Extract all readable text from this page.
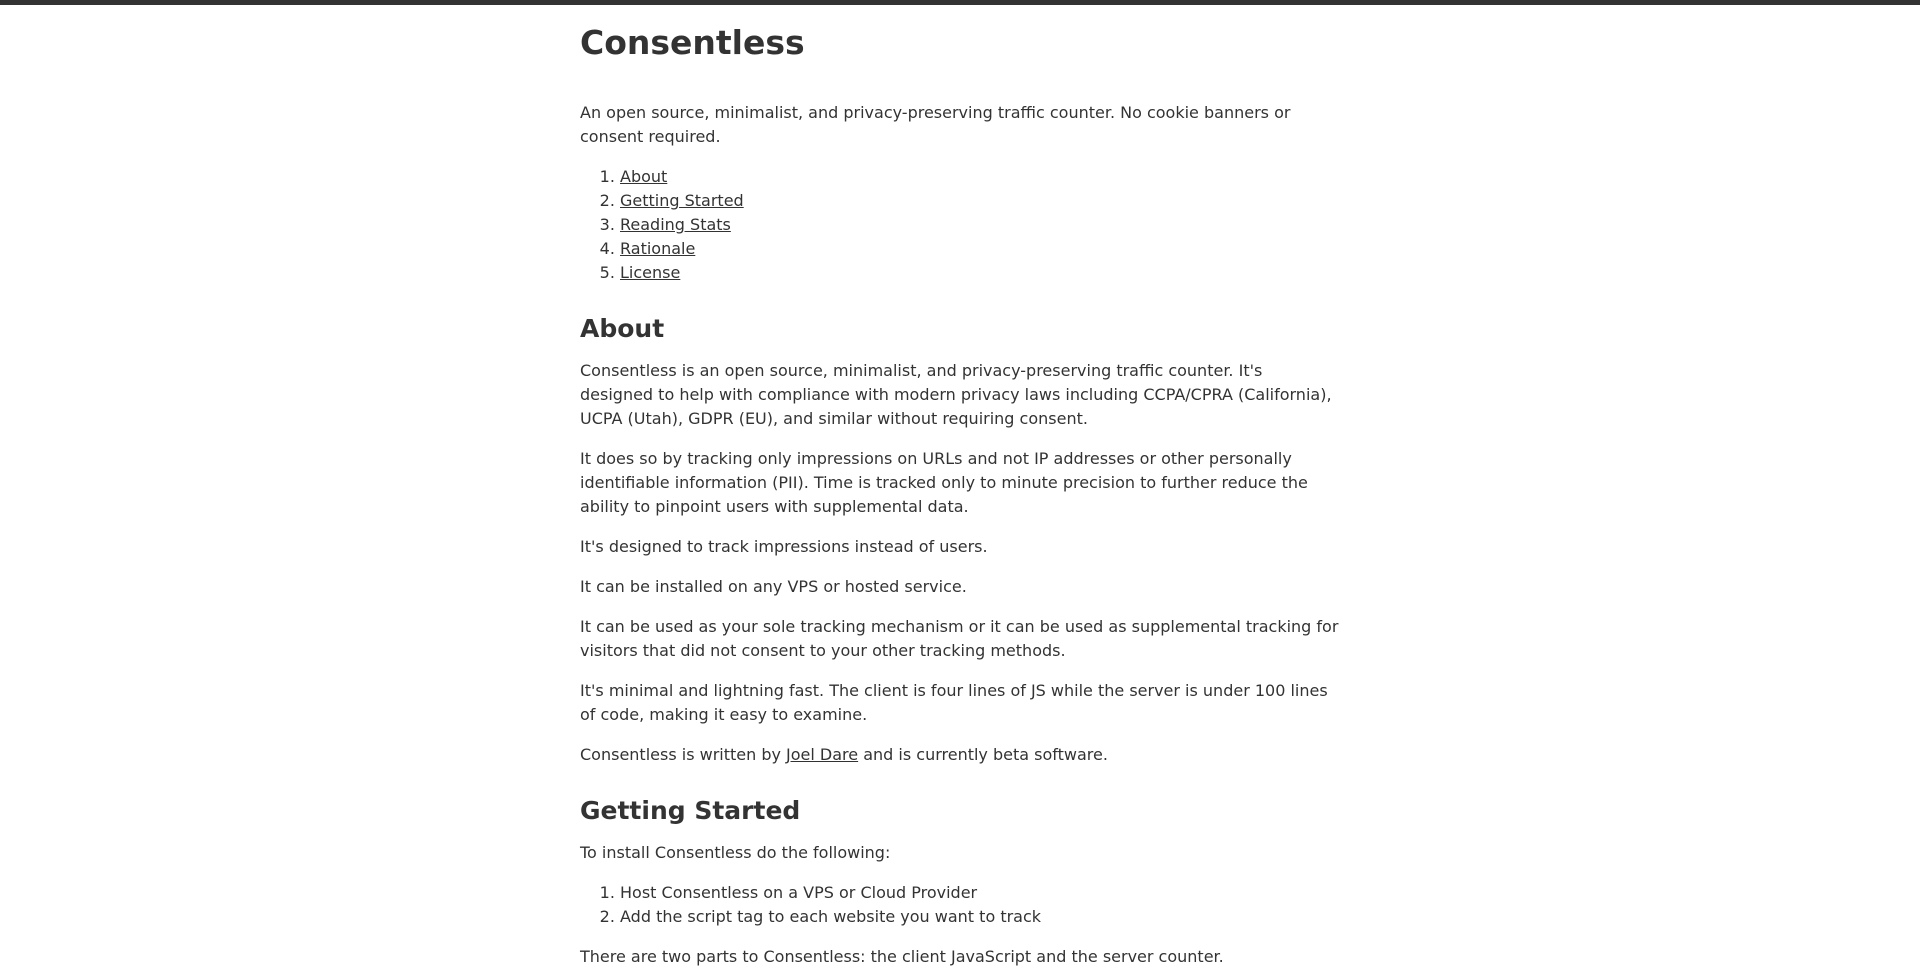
Consentless

An open source, minimalist, and privacy-preserving traffic counter. No cookie banners or consent required.

1. About
2. Getting Started
3. Reading Stats
4. Rationale
5. License
About

Consentless is an open source, minimalist, and privacy-preserving traffic counter. It's designed to help with compliance with modern privacy laws including CCPA/CPRA (California), UCPA (Utah), GDPR (EU), and similar without requiring consent.

It does so by tracking only impressions on URLs and not IP addresses or other personally identifiable information (PII). Time is tracked only to minute precision to further reduce the ability to pinpoint users with supplemental data.

It's designed to track impressions instead of users.

It can be installed on any VPS or hosted service.

It can be used as your sole tracking mechanism or it can be used as supplemental tracking for visitors that did not consent to your other tracking methods.

It's minimal and lightning fast. The client is four lines of JS while the server is under 100 lines of code, making it easy to examine.

Consentless is written by Joel Dare and is currently beta software.

Getting Started

To install Consentless do the following:

1. Host Consentless on a VPS or Cloud Provider
2. Add the script tag to each website you want to track

There are two parts to Consentless: the client JavaScript and the server counter.
